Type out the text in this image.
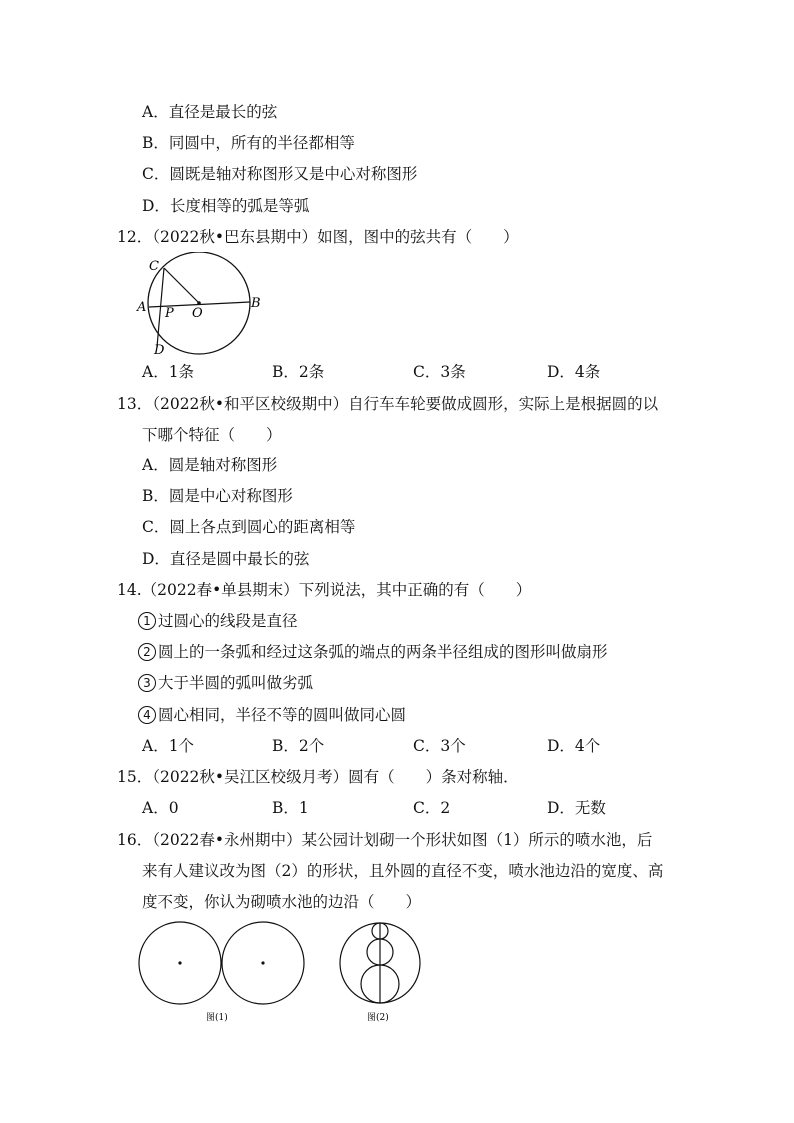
A．直径是最长的弦
B．同圆中，所有的半径都相等
C．圆既是轴对称图形又是中心对称图形
D．长度相等的弧是等弧
12．（2022秋•巴东县期中）如图，图中的弦共有（　　）
C
A P O
B
D
A．1条	B．2条	C．3条	D．4条
13．（2022秋•和平区校级期中）自行车车轮要做成圆形，实际上是根据圆的以
下哪个特征（　　）
A．圆是轴对称图形
B．圆是中心对称图形
C．圆上各点到圆心的距离相等
D．直径是圆中最长的弦
14.（2022春•单县期末）下列说法，其中正确的有（　　）
1 过圆心的线段是直径
2 圆上的一条弧和经过这条弧的端点的两条半径组成的图形叫做扇形
3 大于半圆的弧叫做劣弧
4 圆心相同，半径不等的圆叫做同心圆
A．1个	B．2个	C．3个	D．4个
15．（2022秋•吴江区校级月考）圆有（　　）条对称轴．
A．0	B．1	C．2	D．无数
16．（2022春•永州期中）某公园计划砌一个形状如图（1）所示的喷水池，后
来有人建议改为图（2）的形状，且外圆的直径不变，喷水池边沿的宽度、高
度不变，你认为砌喷水池的边沿（　　）
图(1)	图(2)
